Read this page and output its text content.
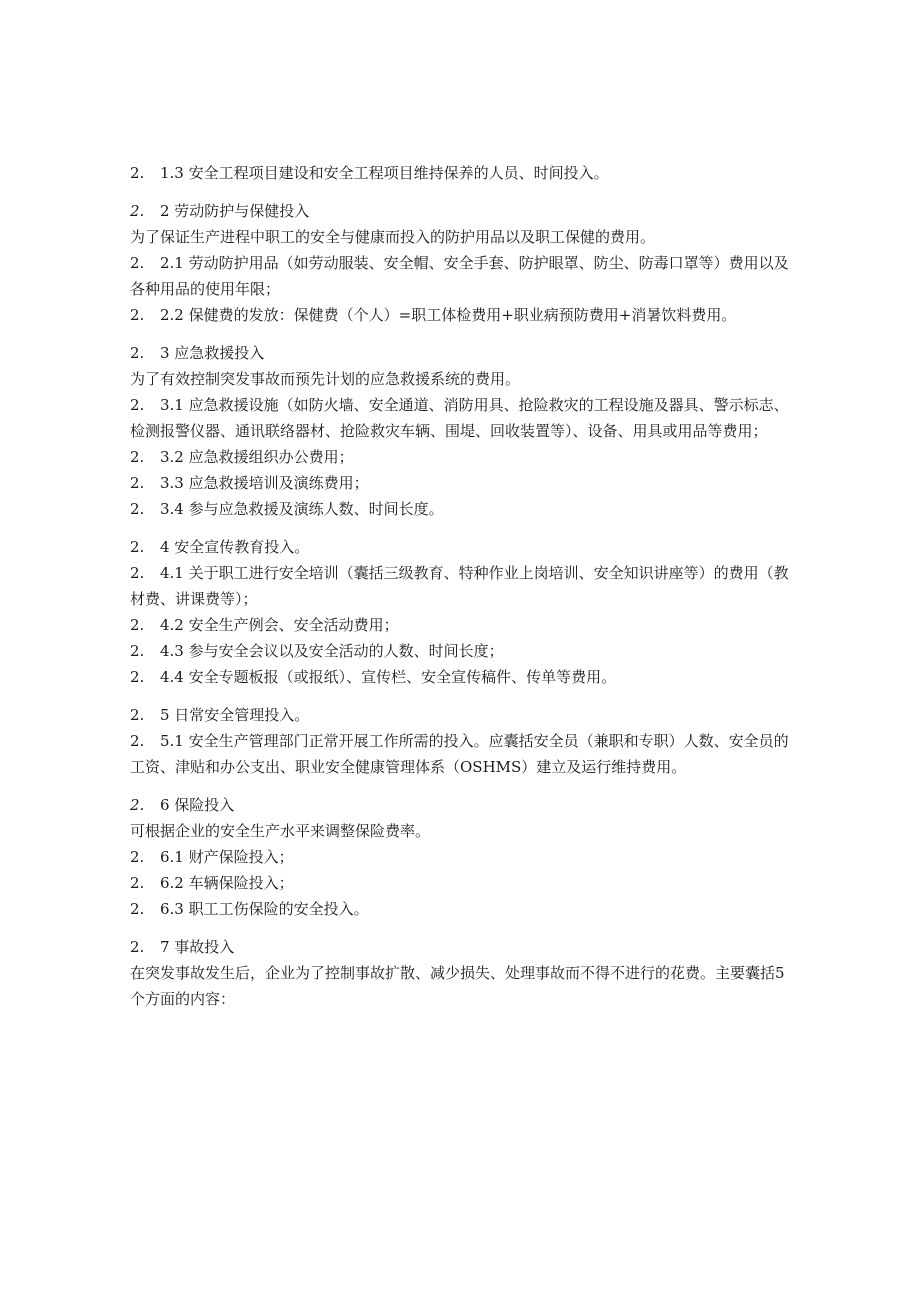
2. 1.3 安全工程项目建设和安全工程项目维持保养的人员、时间投入。
2. 2 劳动防护与保健投入
为了保证生产进程中职工的安全与健康而投入的防护用品以及职工保健的费用。
2. 2.1 劳动防护用品（如劳动服装、安全帽、安全手套、防护眼罩、防尘、防毒口罩等）费用以及各种用品的使用年限；
2. 2.2 保健费的发放：保健费（个人）=职工体检费用+职业病预防费用+消暑饮料费用。
2. 3 应急救援投入
为了有效控制突发事故而预先计划的应急救援系统的费用。
2. 3.1 应急救援设施（如防火墙、安全通道、消防用具、抢险救灾的工程设施及器具、警示标志、检测报警仪器、通讯联络器材、抢险救灾车辆、围堤、回收装置等）、设备、用具或用品等费用；
2. 3.2 应急救援组织办公费用；
2. 3.3 应急救援培训及演练费用；
2. 3.4 参与应急救援及演练人数、时间长度。
2. 4 安全宣传教育投入。
2. 4.1 关于职工进行安全培训（囊括三级教育、特种作业上岗培训、安全知识讲座等）的费用（教材费、讲课费等）；
2. 4.2 安全生产例会、安全活动费用；
2. 4.3 参与安全会议以及安全活动的人数、时间长度；
2. 4.4 安全专题板报（或报纸）、宣传栏、安全宣传稿件、传单等费用。
2. 5 日常安全管理投入。
2. 5.1 安全生产管理部门正常开展工作所需的投入。应囊括安全员（兼职和专职）人数、安全员的工资、津贴和办公支出、职业安全健康管理体系（OSHMS）建立及运行维持费用。
2. 6 保险投入
可根据企业的安全生产水平来调整保险费率。
2. 6.1 财产保险投入；
2. 6.2 车辆保险投入；
2. 6.3 职工工伤保险的安全投入。
2. 7 事故投入
在突发事故发生后，企业为了控制事故扩散、减少损失、处理事故而不得不进行的花费。主要囊括5个方面的内容：
